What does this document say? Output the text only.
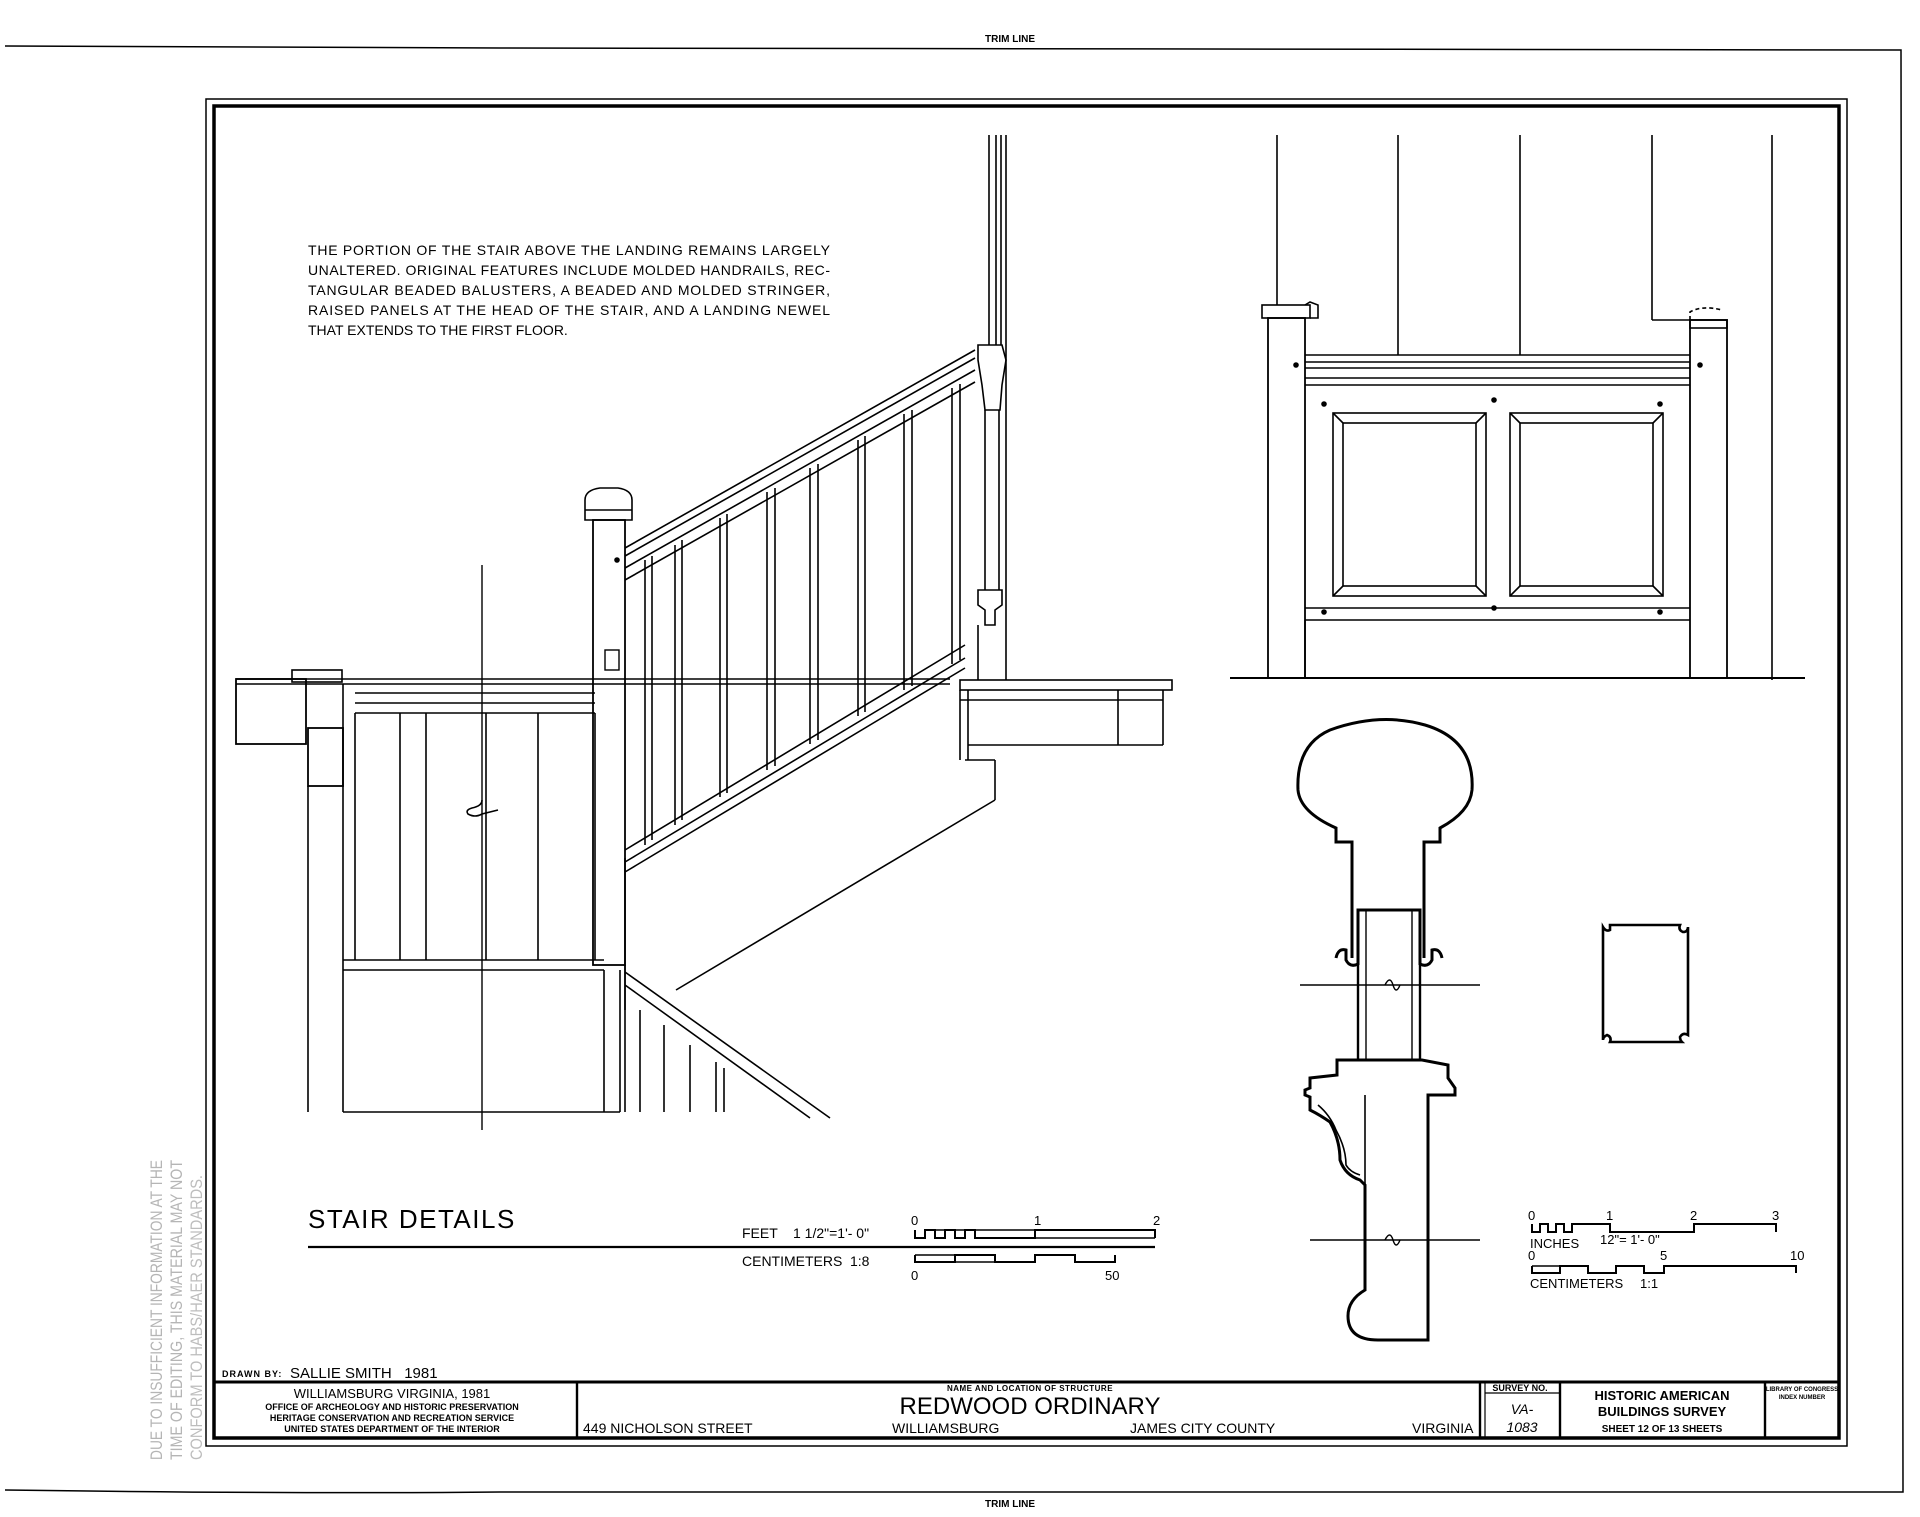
TRIM LINE
TRIM LINE
DUE TO INSUFFICIENT INFORMATION AT THE TIME OF EDITING, THIS MATERIAL MAY NOT CONFORM TO HABS/HAER STANDARDS.
THE PORTION OF THE STAIR ABOVE THE LANDING REMAINS LARGELY
UNALTERED. ORIGINAL FEATURES INCLUDE MOLDED HANDRAILS, REC-
TANGULAR BEADED BALUSTERS, A BEADED AND MOLDED STRINGER,
RAISED PANELS AT THE HEAD OF THE STAIR, AND A LANDING NEWEL
THAT EXTENDS TO THE FIRST FLOOR.
STAIR DETAILS	FEET 1 1/2"=1'- 0"
0	1	2
CENTIMETERS 1:8
0	50
0	1	2	3
INCHES 12"= 1'- 0"
0	5	10
CENTIMETERS 1:1
DRAWN BY: SALLIE SMITH   1981
WILLIAMSBURG VIRGINIA, 1981
OFFICE OF ARCHEOLOGY AND HISTORIC PRESERVATION
HERITAGE CONSERVATION AND RECREATION SERVICE
UNITED STATES DEPARTMENT OF THE INTERIOR
NAME AND LOCATION OF STRUCTURE
REDWOOD ORDINARY
449 NICHOLSON STREET	WILLIAMSBURG	JAMES CITY COUNTY	VIRGINIA
SURVEY NO.
VA-
1083
HISTORIC AMERICAN
BUILDINGS SURVEY
SHEET 12 OF 13 SHEETS
LIBRARY OF CONGRESS
INDEX NUMBER
